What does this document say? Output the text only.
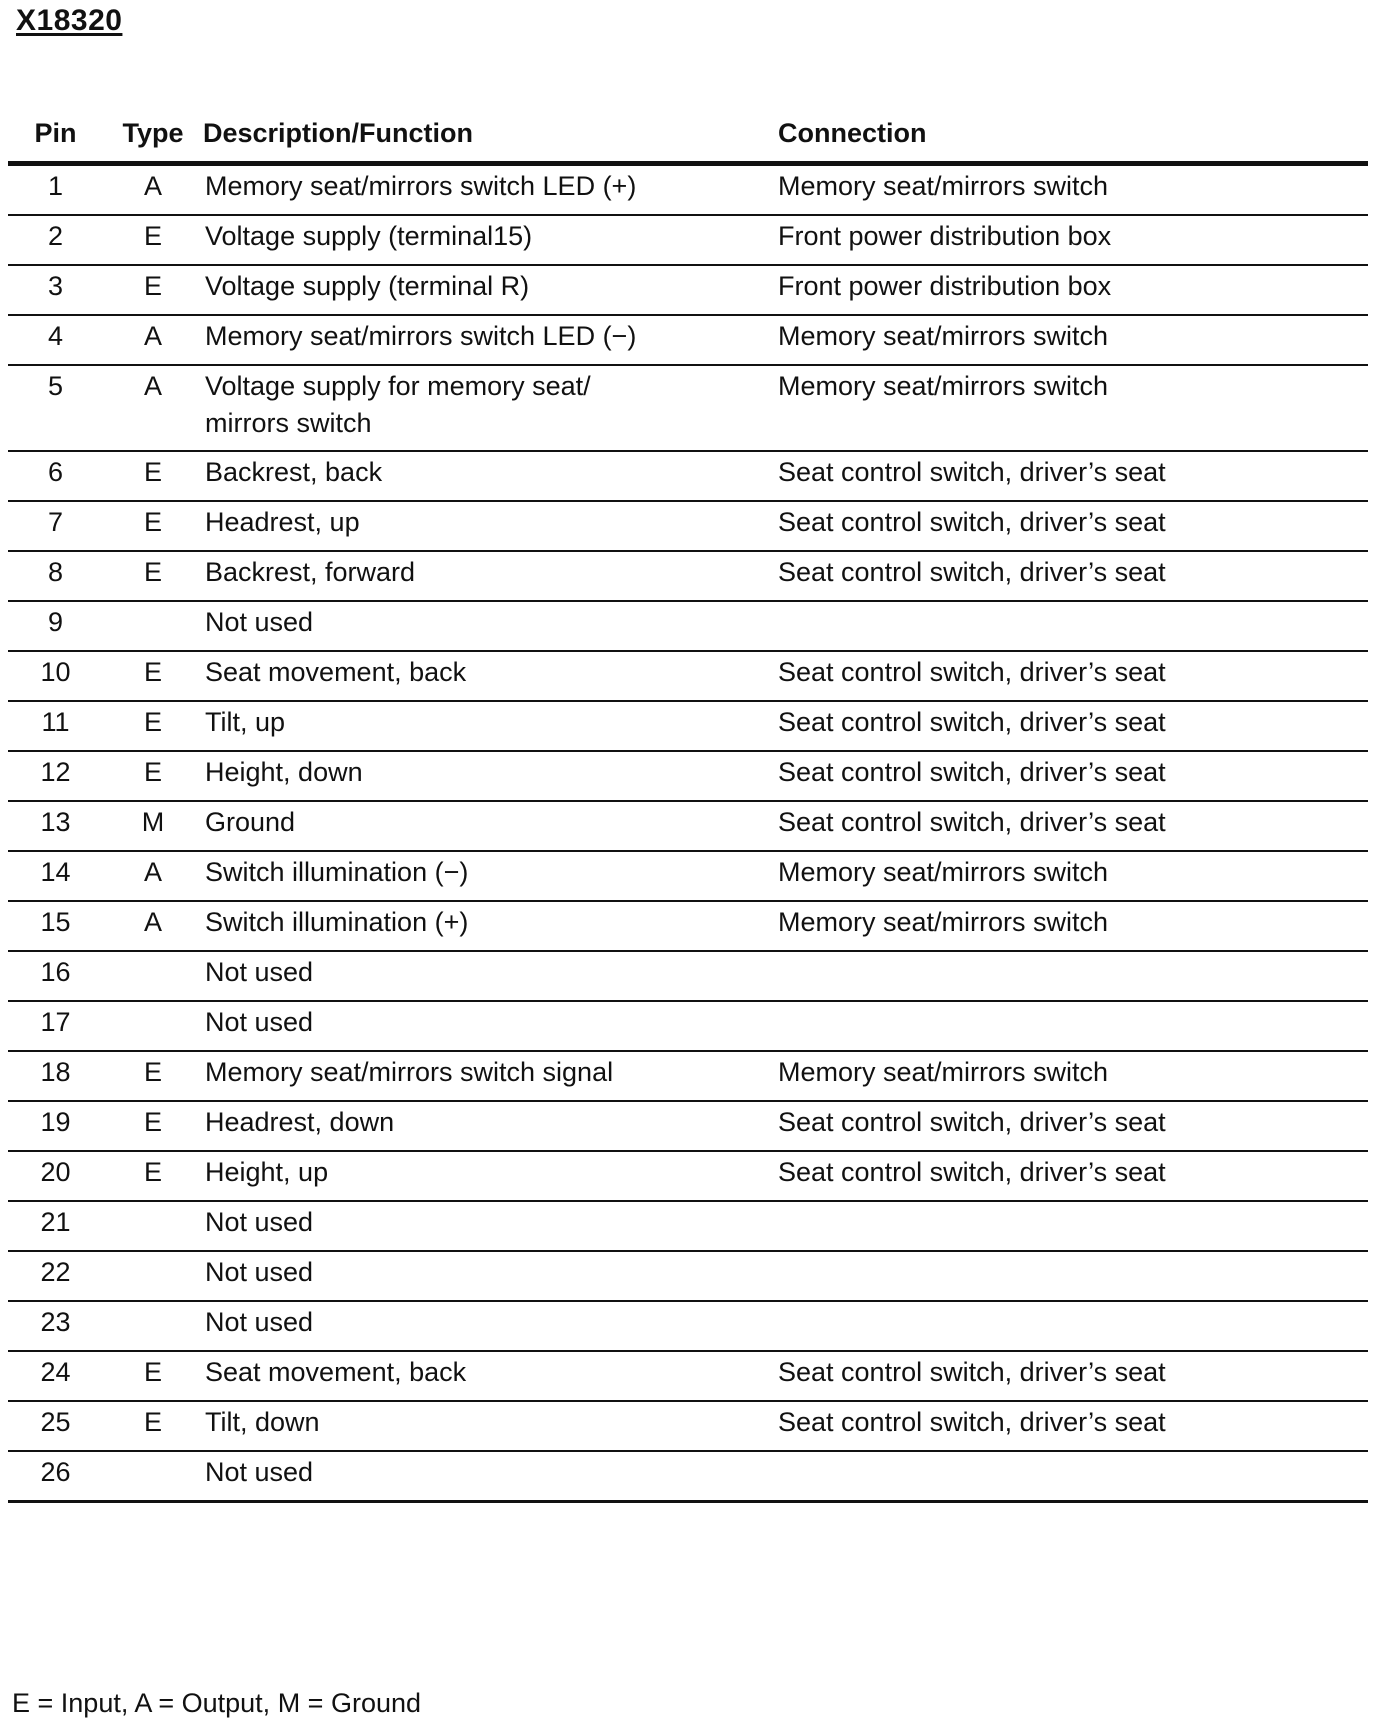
X18320
Pin	Type	Description/Function	Connection
1	A	Memory seat/mirrors switch LED (+)	Memory seat/mirrors switch
2	E	Voltage supply (terminal15)	Front power distribution box
3	E	Voltage supply (terminal R)	Front power distribution box
4	A	Memory seat/mirrors switch LED (−)	Memory seat/mirrors switch
5	A	Voltage supply for memory seat/
mirrors switch	Memory seat/mirrors switch
6	E	Backrest, back	Seat control switch, driver’s seat
7	E	Headrest, up	Seat control switch, driver’s seat
8	E	Backrest, forward	Seat control switch, driver’s seat
9		Not used	
10	E	Seat movement, back	Seat control switch, driver’s seat
11	E	Tilt, up	Seat control switch, driver’s seat
12	E	Height, down	Seat control switch, driver’s seat
13	M	Ground	Seat control switch, driver’s seat
14	A	Switch illumination (−)	Memory seat/mirrors switch
15	A	Switch illumination (+)	Memory seat/mirrors switch
16		Not used	
17		Not used	
18	E	Memory seat/mirrors switch signal	Memory seat/mirrors switch
19	E	Headrest, down	Seat control switch, driver’s seat
20	E	Height, up	Seat control switch, driver’s seat
21		Not used	
22		Not used	
23		Not used	
24	E	Seat movement, back	Seat control switch, driver’s seat
25	E	Tilt, down	Seat control switch, driver’s seat
26		Not used	
E = Input, A = Output, M = Ground
